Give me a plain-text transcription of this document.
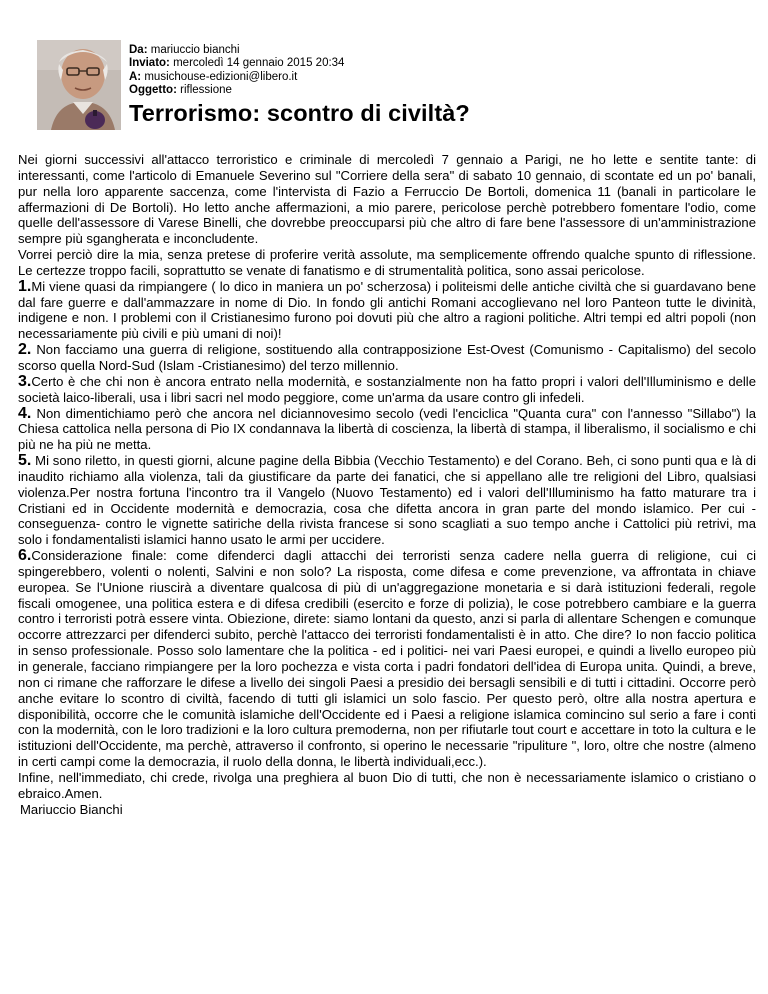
Da: mariuccio bianchi
Inviato: mercoledì 14 gennaio 2015 20:34
A: musichouse-edizioni@libero.it
Oggetto: riflessione
Terrorismo: scontro di civiltà?

Nei giorni successivi all'attacco terroristico e criminale di mercoledì 7 gennaio a Parigi, ne ho lette e sentite tante: di interessanti, come l'articolo di Emanuele Severino sul "Corriere della sera" di sabato 10 gennaio, di scontate ed un po' banali, pur nella loro apparente saccenza, come l'intervista di Fazio a Ferruccio De Bortoli, domenica 11 (banali in particolare le affermazioni di De Bortoli). Ho letto anche affermazioni, a mio parere, pericolose perchè potrebbero fomentare l'odio, come quelle dell'assessore di Varese Binelli, che dovrebbe preoccuparsi più che altro di fare bene l'assessore di un'amministrazione sempre più sgangherata e inconcludente.

Vorrei perciò dire la mia, senza pretese di proferire verità assolute, ma semplicemente offrendo qualche spunto di riflessione. Le certezze troppo facili, soprattutto se venate di fanatismo e di strumentalità politica, sono assai pericolose.

1.Mi viene quasi da rimpiangere ( lo dico in maniera un po' scherzosa) i politeismi delle antiche civiltà che si guardavano bene dal fare guerre e dall'ammazzare in nome di Dio. In fondo gli antichi Romani accoglievano nel loro Panteon tutte le divinità, indigene e non. I problemi con il Cristianesimo furono poi dovuti più che altro a ragioni politiche. Altri tempi ed altri popoli (non necessariamente più civili e più umani di noi)!

2. Non facciamo una guerra di religione, sostituendo alla contrapposizione Est-Ovest (Comunismo - Capitalismo) del secolo scorso quella Nord-Sud (Islam -Cristianesimo) del terzo millennio.

3.Certo è che chi non è ancora entrato nella modernità, e sostanzialmente non ha fatto propri i valori dell'Illuminismo e delle società laico-liberali, usa i libri sacri nel modo peggiore, come un'arma da usare contro gli infedeli.

4. Non dimentichiamo però che ancora nel diciannovesimo secolo (vedi l'enciclica "Quanta cura" con l'annesso "Sillabo") la Chiesa cattolica nella persona di Pio IX condannava la libertà di coscienza, la libertà di stampa, il liberalismo, il socialismo e chi più ne ha più ne metta.

5. Mi sono riletto, in questi giorni, alcune pagine della Bibbia (Vecchio Testamento) e del Corano. Beh, ci sono punti qua e là di inaudito richiamo alla violenza, tali da giustificare da parte dei fanatici, che si appellano alle tre religioni del Libro, qualsiasi violenza.Per nostra fortuna l'incontro tra il Vangelo (Nuovo Testamento) ed i valori dell'Illuminismo ha fatto maturare tra i Cristiani ed in Occidente modernità e democrazia, cosa che difetta ancora in gran parte del mondo islamico. Per cui -conseguenza- contro le vignette satiriche della rivista francese si sono scagliati a suo tempo anche i Cattolici più retrivi, ma solo i fondamentalisti islamici hanno usato le armi per uccidere.

6.Considerazione finale: come difenderci dagli attacchi dei terroristi senza cadere nella guerra di religione, cui ci spingerebbero, volenti o nolenti, Salvini e non solo? La risposta, come difesa e come prevenzione, va affrontata in chiave europea. Se l'Unione riuscirà a diventare qualcosa di più di un'aggregazione monetaria e si darà istituzioni federali, regole fiscali omogenee, una politica estera e di difesa credibili (esercito e forze di polizia), le cose potrebbero cambiare e la guerra contro i terroristi potrà essere vinta. Obiezione, direte: siamo lontani da questo, anzi si parla di allentare Schengen e comunque occorre attrezzarci per difenderci subito, perchè l'attacco dei terroristi fondamentalisti è in atto. Che dire? Io non faccio politica in senso professionale. Posso solo lamentare che la politica - ed i politici- nei vari Paesi europei, e quindi a livello europeo più in generale, facciano rimpiangere per la loro pochezza e vista corta i padri fondatori dell'idea di Europa unita. Quindi, a breve, non ci rimane che rafforzare le difese a livello dei singoli Paesi a presidio dei bersagli sensibili e di tutti i cittadini. Occorre però anche evitare lo scontro di civiltà, facendo di tutti gli islamici un solo fascio. Per questo però, oltre alla nostra apertura e disponibilità, occorre che le comunità islamiche dell'Occidente ed i Paesi a religione islamica comincino sul serio a fare i conti con la modernità, con le loro tradizioni e la loro cultura premoderna, non per rifiutarle tout court e accettare in toto la cultura e le istituzioni dell'Occidente, ma perchè, attraverso il confronto, si operino le necessarie "ripuliture ", loro, oltre che nostre (almeno in certi campi come la democrazia, il ruolo della donna, le libertà individuali,ecc.).

Infine, nell'immediato, chi crede, rivolga una preghiera al buon Dio di tutti, che non è necessariamente islamico o cristiano o ebraico.Amen.

Mariuccio Bianchi
